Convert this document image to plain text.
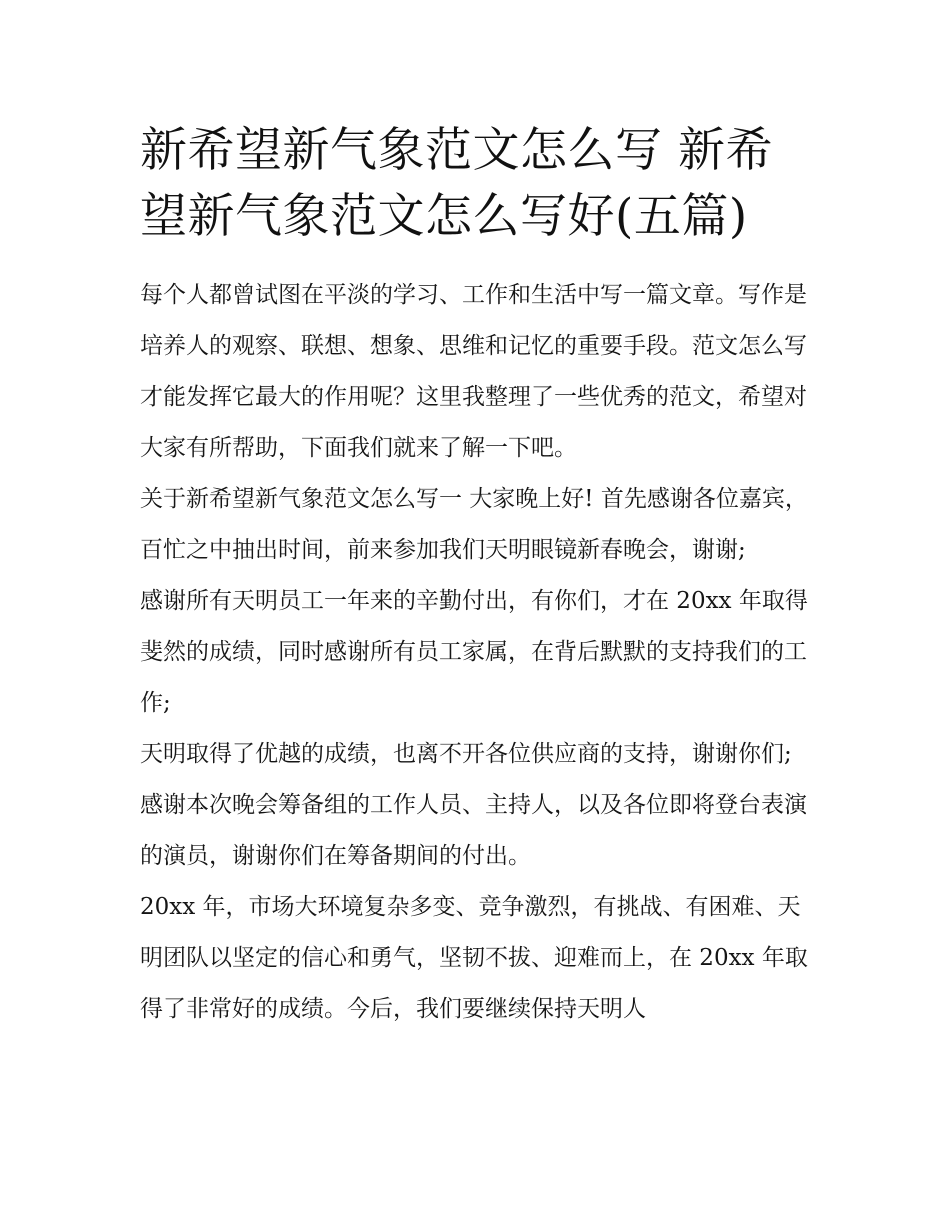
新希望新气象范文怎么写 新希望新气象范文怎么写好(五篇)

每个人都曾试图在平淡的学习、工作和生活中写一篇文章。写作是培养人的观察、联想、想象、思维和记忆的重要手段。范文怎么写才能发挥它最大的作用呢？这里我整理了一些优秀的范文，希望对大家有所帮助，下面我们就来了解一下吧。

关于新希望新气象范文怎么写一 大家晚上好! 首先感谢各位嘉宾，百忙之中抽出时间，前来参加我们天明眼镜新春晚会，谢谢;

感谢所有天明员工一年来的辛勤付出，有你们，才在 20xx 年取得斐然的成绩，同时感谢所有员工家属，在背后默默的支持我们的工作;

天明取得了优越的成绩，也离不开各位供应商的支持，谢谢你们; 感谢本次晚会筹备组的工作人员、主持人，以及各位即将登台表演的演员，谢谢你们在筹备期间的付出。

20xx 年，市场大环境复杂多变、竞争激烈，有挑战、有困难、天明团队以坚定的信心和勇气，坚韧不拔、迎难而上，在 20xx 年取得了非常好的成绩。今后，我们要继续保持天明人
